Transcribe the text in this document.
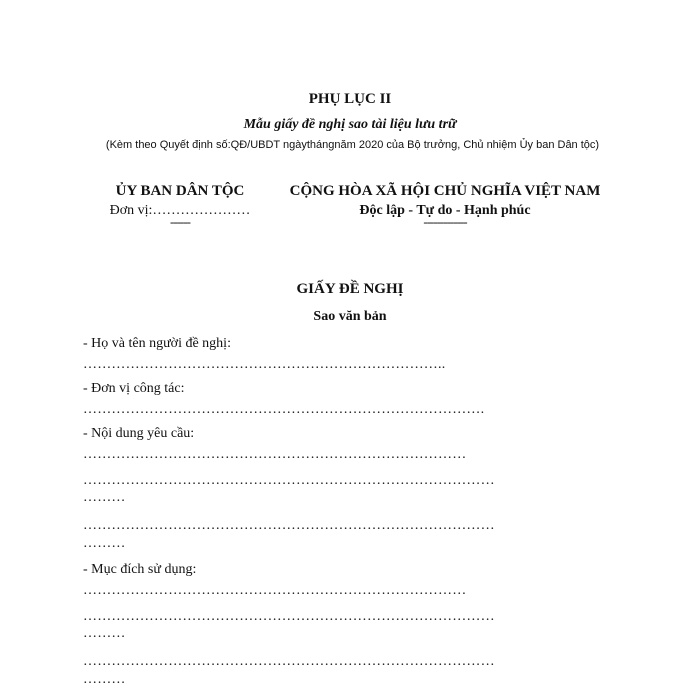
PHỤ LỤC II
Mẫu giấy đề nghị sao tài liệu lưu trữ
(Kèm theo Quyết định số:QĐ/UBDT ngàythángnăm 2020 của Bộ trưởng, Chủ nhiệm Ủy ban Dân tộc)
ỦY BAN DÂN TỘC
Đơn vị:…………………
------
CỘNG HÒA XÃ HỘI CHỦ NGHĨA VIỆT NAM
Độc lập - Tự do - Hạnh phúc
-------------
GIẤY ĐỀ NGHỊ
Sao văn bản
- Họ và tên người đề nghị:
…………………………………………………………………..
- Đơn vị công tác:
………………………………………………………………………….
- Nội dung yêu cầu:
………………………………………………………………………
……………………………………………………………………………
………
……………………………………………………………………………
………
- Mục đích sử dụng:
………………………………………………………………………
……………………………………………………………………………
………
……………………………………………………………………………
………
